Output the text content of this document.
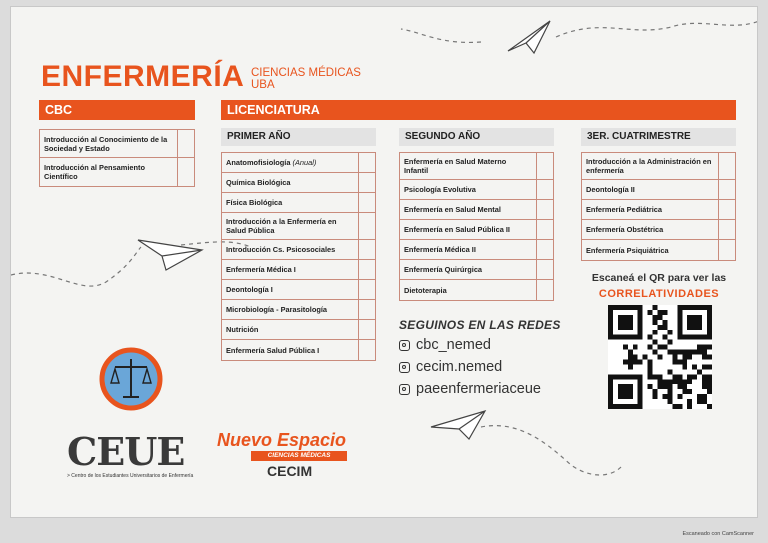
ENFERMERÍA CIENCIAS MÉDICAS
UBA
CBC
Introducción al Conocimiento de la Sociedad y Estado
Introducción al Pensamiento Científico
LICENCIATURA
PRIMER AÑO
Anatomofisiología
(Anual)
Química Biológica
Física Biológica
Introducción a la Enfermería en Salud Pública
Introducción Cs. Psicosociales
Enfermería Médica I
Deontología I
Microbiología - Parasitología
Nutrición
Enfermería Salud Pública I
SEGUNDO AÑO
Enfermería en Salud Materno Infantil
Psicología Evolutiva
Enfermería en Salud Mental
Enfermería en Salud Pública II
Enfermería Médica II
Enfermería Quirúrgica
Dietoterapia
3ER. CUATRIMESTRE
Introducción a la Administración en enfermería
Deontología II
Enfermería Pediátrica
Enfermería Obstétrica
Enfermería Psiquiátrica
Escaneá el QR para ver las
CORRELATIVIDADES
SEGUINOS EN LAS REDES
cbc_nemed
cecim.nemed
paeenfermeriaceue
CEUE
> Centro de los Estudiantes Universitarios de Enfermería
Nuevo Espacio
CIENCIAS MÉDICAS
CECIM
Escaneado con CamScanner
